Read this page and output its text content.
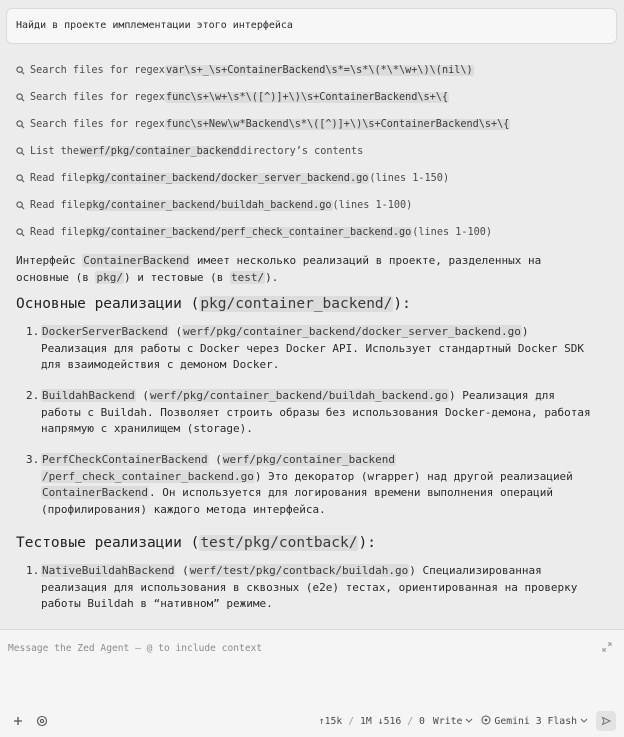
Найди в проекте имплементации этого интерфейса
Search files for regex var\s+_\s+ContainerBackend\s*=\s*\(*\*\w+\)\(nil\)
Search files for regex func\s+\w+\s*\([^)]+\)\s+ContainerBackend\s+\{
Search files for regex func\s+New\w*Backend\s*\([^)]+\)\s+ContainerBackend\s+\{
List the werf/pkg/container_backend directory’s contents
Read file pkg/container_backend/docker_server_backend.go (lines 1-150)
Read file pkg/container_backend/buildah_backend.go (lines 1-100)
Read file pkg/container_backend/perf_check_container_backend.go (lines 1-100)
Интерфейс ContainerBackend имеет несколько реализаций в проекте, разделенных на
основные (в pkg/) и тестовые (в test/).
Основные реализации (pkg/container_backend/):
1. DockerServerBackend (werf/pkg/container_backend/docker_server_backend.go)
Реализация для работы с Docker через Docker API. Использует стандартный Docker SDK
для взаимодействия с демоном Docker.
2. BuildahBackend (werf/pkg/container_backend/buildah_backend.go) Реализация для
работы с Buildah. Позволяет строить образы без использования Docker-демона, работая
напрямую с хранилищем (storage).
3. PerfCheckContainerBackend (werf/pkg/container_backend
/perf_check_container_backend.go) Это декоратор (wrapper) над другой реализацией
ContainerBackend. Он используется для логирования времени выполнения операций
(профилирования) каждого метода интерфейса.
Тестовые реализации (test/pkg/contback/):
1. NativeBuildahBackend (werf/test/pkg/contback/buildah.go) Специализированная
реализация для использования в сквозных (e2e) тестах, ориентированная на проверку
работы Buildah в “нативном” режиме.
Message the Zed Agent — @ to include context
↑15k / 1M ↓516 / 0 Write	Gemini 3 Flash
